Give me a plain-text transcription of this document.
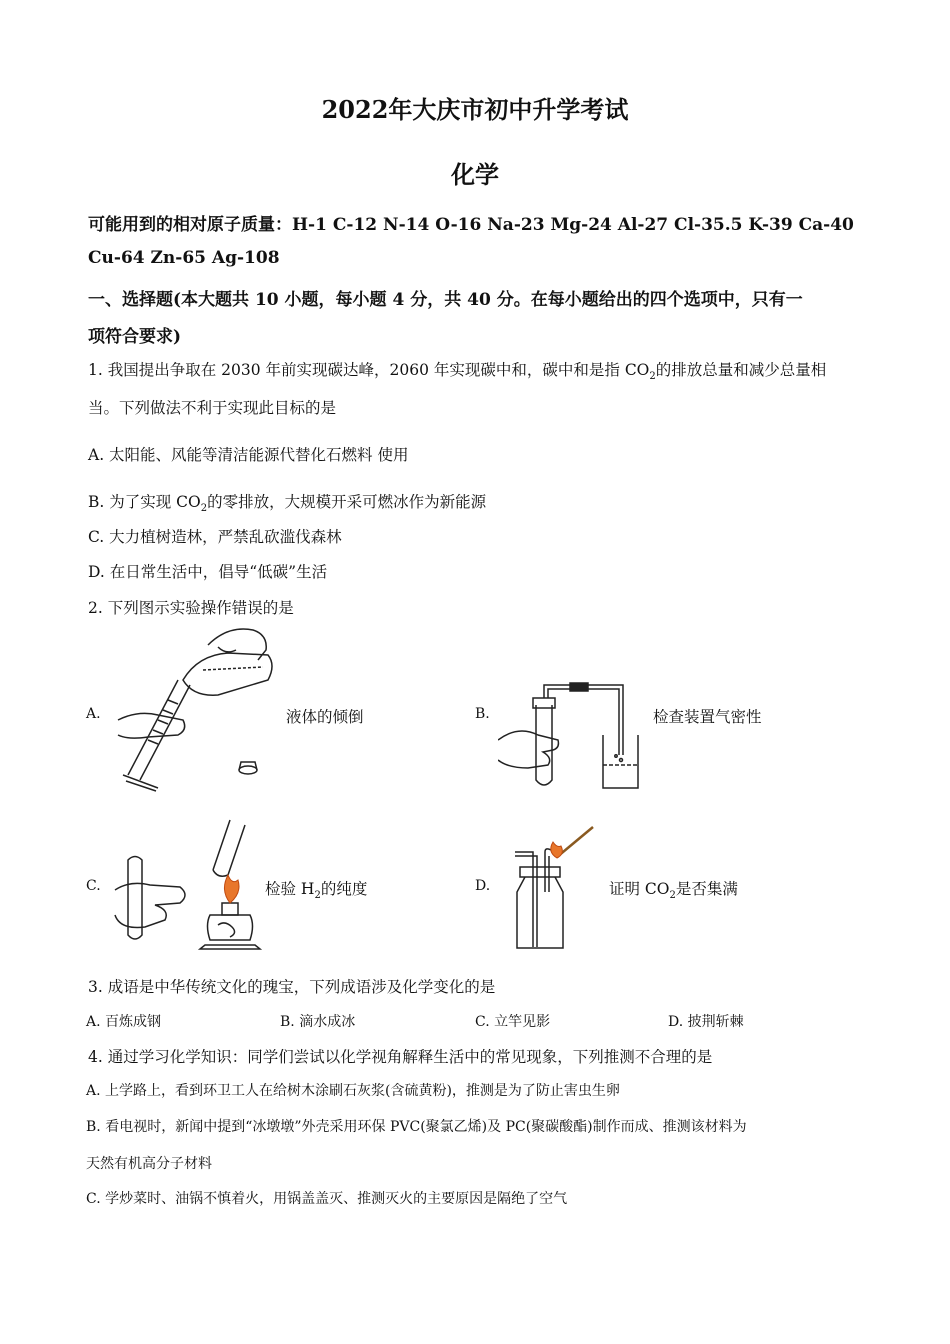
2022年大庆市初中升学考试
化学
可能用到的相对原子质量：H-1 C-12 N-14 O-16 Na-23 Mg-24 Al-27 Cl-35.5 K-39 Ca-40
Cu-64 Zn-65 Ag-108
一、选择题(本大题共 10 小题，每小题 4 分，共 40 分。在每小题给出的四个选项中，只有一
项符合要求)
1. 我国提出争取在 2030 年前实现碳达峰，2060 年实现碳中和，碳中和是指 $CO_2$的排放总量和减少总量相
当。下列做法不利于实现此目标的是
A. 太阳能、风能等清洁能源代替化石燃料 使用
B. 为了实现 $CO_2$的零排放，大规模开采可燃冰作为新能源
C. 大力植树造林，严禁乱砍滥伐森林
D. 在日常生活中，倡导“低碳”生活
2. 下列图示实验操作错误的是
A.	液体的倾倒	B.	检查装置气密性
C.	检验 $H_2$的纯度	D.	证明 $CO_2$是否集满
3. 成语是中华传统文化的瑰宝，下列成语涉及化学变化的是
A. 百炼成钢	B. 滴水成冰	C. 立竿见影	D. 披荆斩棘
4. 通过学习化学知识：同学们尝试以化学视角解释生活中的常见现象，下列推测不合理的是
A. 上学路上，看到环卫工人在给树木涂刷石灰浆(含硫黄粉)，推测是为了防止害虫生卵
B. 看电视时，新闻中提到“冰墩墩”外壳采用环保 PVC(聚氯乙烯)及 PC(聚碳酸酯)制作而成、推测该材料为
天然有机高分子材料
C. 学炒菜时、油锅不慎着火，用锅盖盖灭、推测灭火的主要原因是隔绝了空气
